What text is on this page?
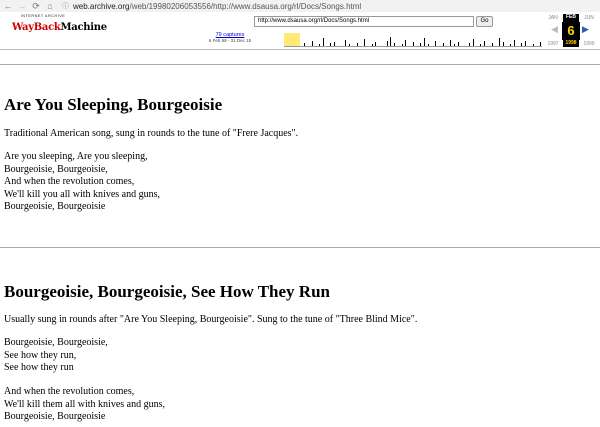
← → ⟳ ⌂	ⓘ web.archive.org /web/19980206053556/http://www.dsausa.org/rl/Docs/Songs.html
INTERNET ARCHIVE
WayBackMachine
http://www.dsausa.org/rl/Docs/Songs.html	Go
79 captures
6 Feb 98 - 31 Dec 15
JAN	FEB	JUN
◀ 6 ▶
1997	1998	1999
Are You Sleeping, Bourgeoisie

Traditional American song, sung in rounds to the tune of "Frere Jacques".

Are you sleeping, Are you sleeping,

Bourgeoisie, Bourgeoisie,

And when the revolution comes,

We'll kill you all with knives and guns,

Bourgeoisie, Bourgeoisie

Bourgeoisie, Bourgeoisie, See How They Run

Usually sung in rounds after "Are You Sleeping, Bourgeoisie". Sung to the tune of "Three Blind Mice".

Bourgeoisie, Bourgeoisie,

See how they run,

See how they run

And when the revolution comes,

We'll kill them all with knives and guns,

Bourgeoisie, Bourgeoisie
